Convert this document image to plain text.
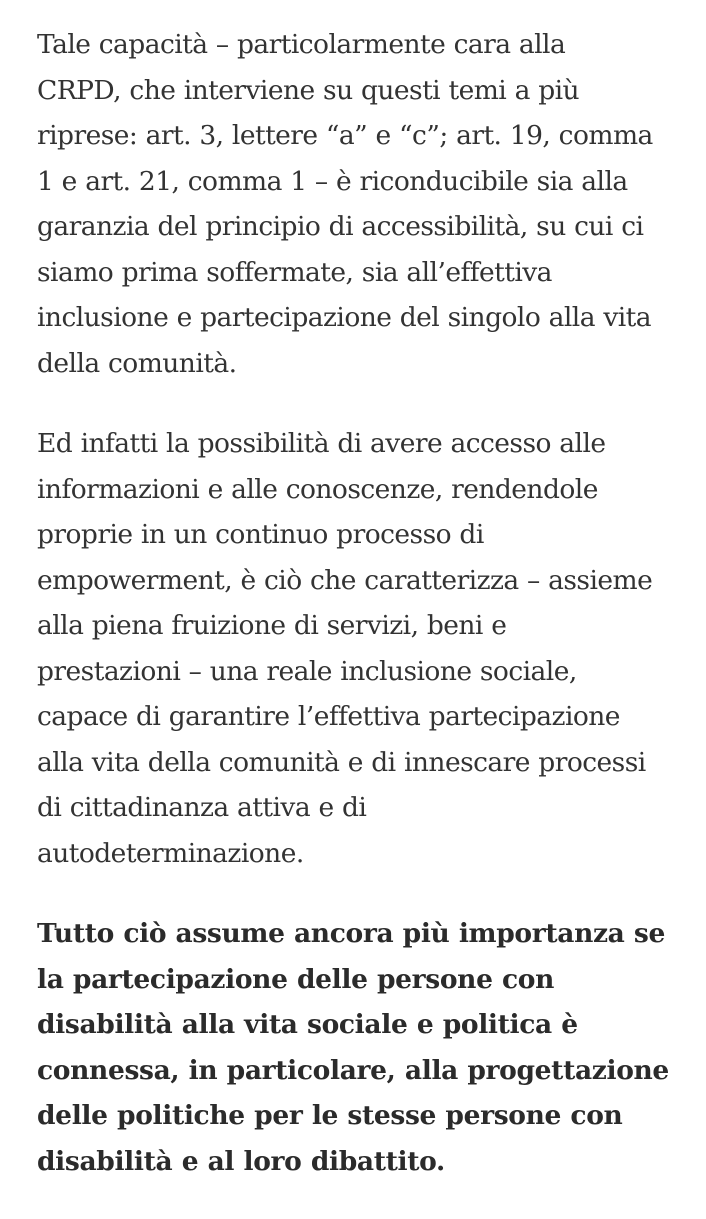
Tale capacità – particolarmente cara alla
CRPD, che interviene su questi temi a più
riprese: art. 3, lettere “a” e “c”; art. 19, comma
1 e art. 21, comma 1 – è riconducibile sia alla
garanzia del principio di accessibilità, su cui ci
siamo prima soffermate, sia all’effettiva
inclusione e partecipazione del singolo alla vita
della comunità.

Ed infatti la possibilità di avere accesso alle
informazioni e alle conoscenze, rendendole
proprie in un continuo processo di
empowerment, è ciò che caratterizza – assieme
alla piena fruizione di servizi, beni e
prestazioni – una reale inclusione sociale,
capace di garantire l’effettiva partecipazione
alla vita della comunità e di innescare processi
di cittadinanza attiva e di
autodeterminazione.

Tutto ciò assume ancora più importanza se
la partecipazione delle persone con
disabilità alla vita sociale e politica è
connessa, in particolare, alla progettazione
delle politiche per le stesse persone con
disabilità e al loro dibattito.
